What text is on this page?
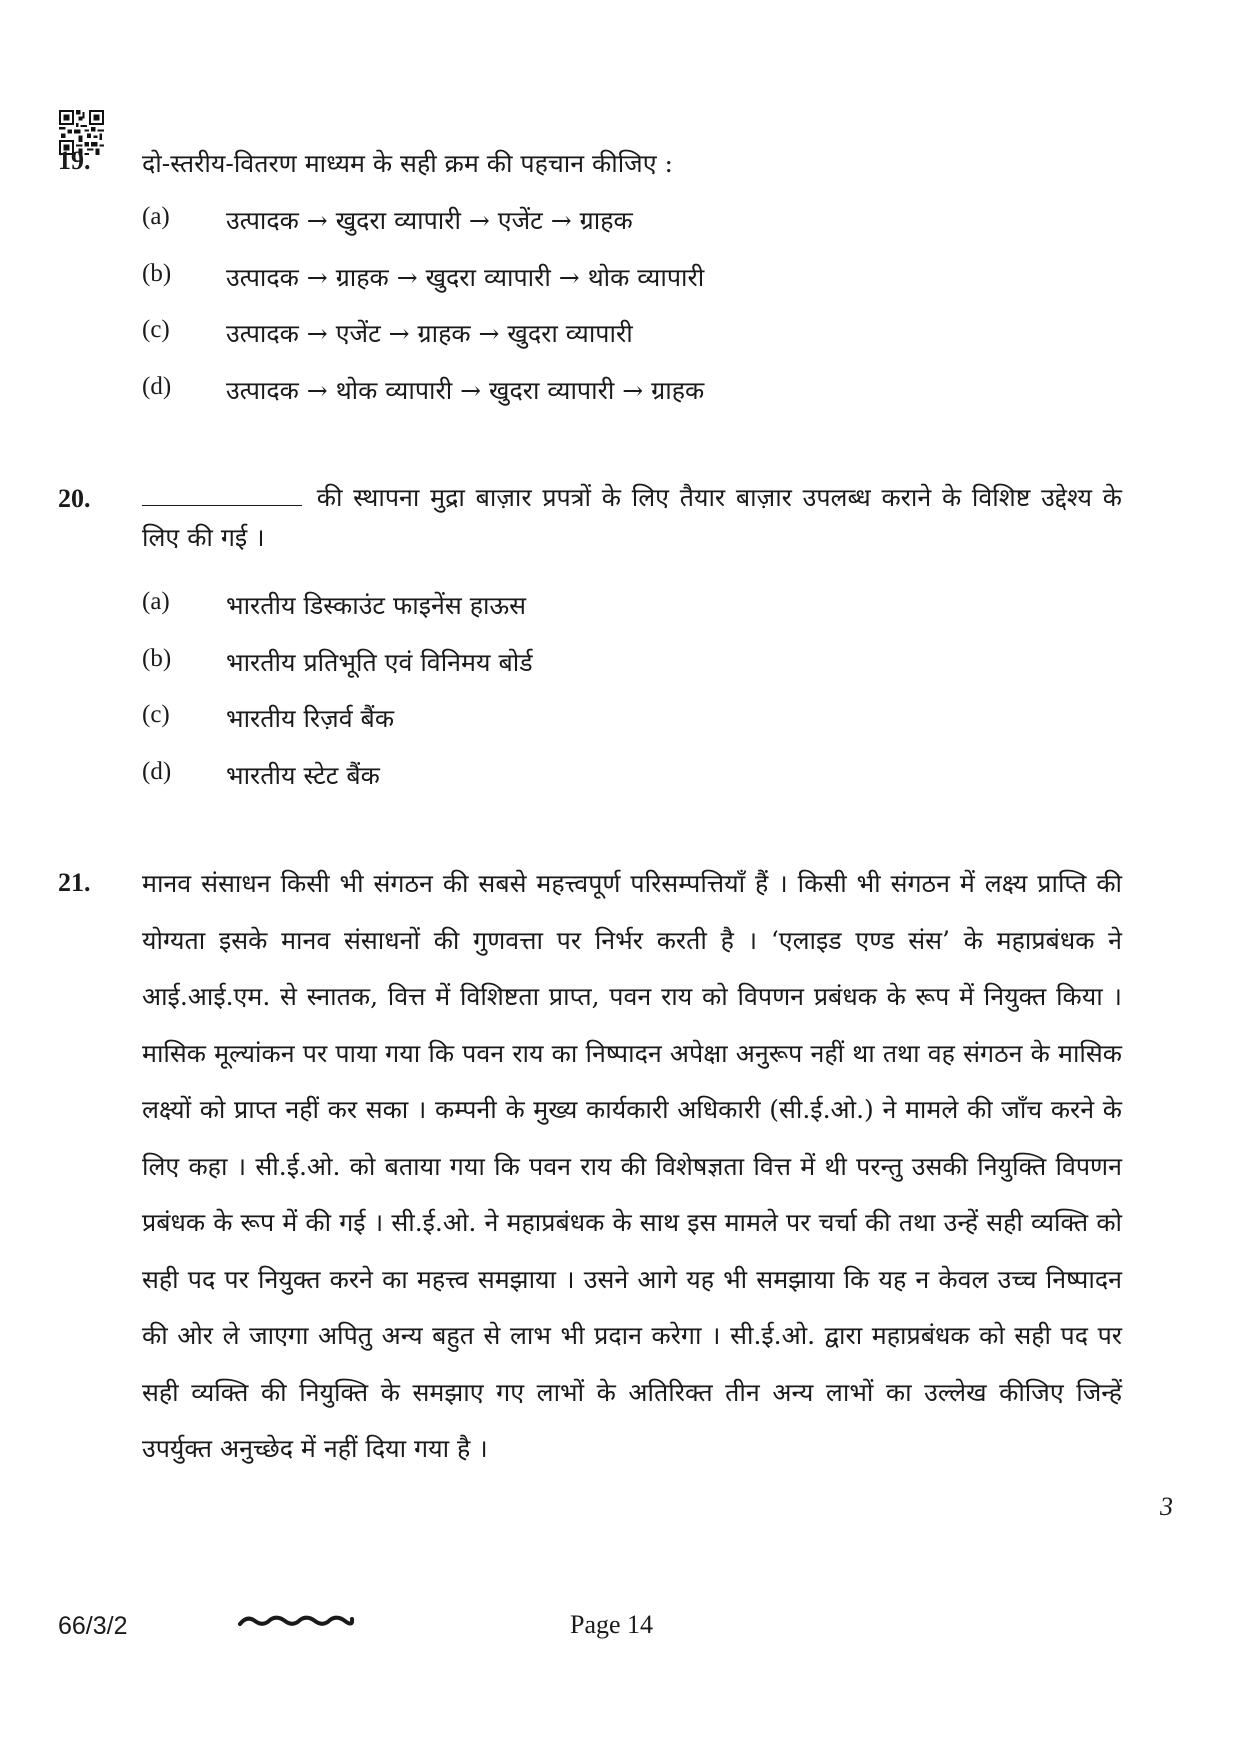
19. दो-स्तरीय-वितरण माध्यम के सही क्रम की पहचान कीजिए :
(a) उत्पादक → खुदरा व्यापारी → एजेंट → ग्राहक
(b) उत्पादक → ग्राहक → खुदरा व्यापारी → थोक व्यापारी
(c) उत्पादक → एजेंट → ग्राहक → खुदरा व्यापारी
(d) उत्पादक → थोक व्यापारी → खुदरा व्यापारी → ग्राहक
20.	की स्थापना मुद्रा बाज़ार प्रपत्रों के लिए तैयार बाज़ार उपलब्ध कराने के विशिष्ट उद्देश्य के लिए की गई ।
(a) भारतीय डिस्काउंट फाइनेंस हाऊस
(b) भारतीय प्रतिभूति एवं विनिमय बोर्ड
(c) भारतीय रिज़र्व बैंक
(d) भारतीय स्टेट बैंक
21. मानव संसाधन किसी भी संगठन की सबसे महत्त्वपूर्ण परिसम्पत्तियाँ हैं । किसी भी संगठन में लक्ष्य प्राप्ति की योग्यता इसके मानव संसाधनों की गुणवत्ता पर निर्भर करती है । ‘एलाइड एण्ड संस’ के महाप्रबंधक ने आई.आई.एम. से स्नातक, वित्त में विशिष्टता प्राप्त, पवन राय को विपणन प्रबंधक के रूप में नियुक्त किया । मासिक मूल्यांकन पर पाया गया कि पवन राय का निष्पादन अपेक्षा अनुरूप नहीं था तथा वह संगठन के मासिक लक्ष्यों को प्राप्त नहीं कर सका । कम्पनी के मुख्य कार्यकारी अधिकारी (सी.ई.ओ.) ने मामले की जाँच करने के लिए कहा । सी.ई.ओ. को बताया गया कि पवन राय की विशेषज्ञता वित्त में थी परन्तु उसकी नियुक्ति विपणन प्रबंधक के रूप में की गई । सी.ई.ओ. ने महाप्रबंधक के साथ इस मामले पर चर्चा की तथा उन्हें सही व्यक्ति को सही पद पर नियुक्त करने का महत्त्व समझाया । उसने आगे यह भी समझाया कि यह न केवल उच्च निष्पादन की ओर ले जाएगा अपितु अन्य बहुत से लाभ भी प्रदान करेगा । सी.ई.ओ. द्वारा महाप्रबंधक को सही पद पर सही व्यक्ति की नियुक्ति के समझाए गए लाभों के अतिरिक्त तीन अन्य लाभों का उल्लेख कीजिए जिन्हें उपर्युक्त अनुच्छेद में नहीं दिया गया है ।
3
66/3/2	Page 14
